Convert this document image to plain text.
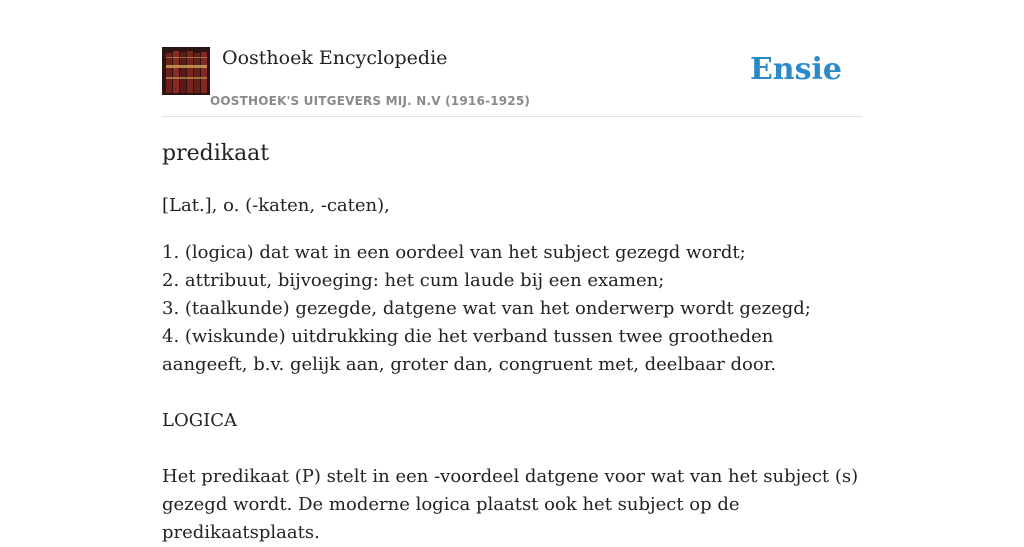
Oosthoek Encyclopedie
OOSTHOEK'S UITGEVERS MIJ. N.V (1916-1925)
Ensie
predikaat

[Lat.], o. (-katen, -caten),

1. (logica) dat wat in een oordeel van het subject gezegd wordt;
2. attribuut, bijvoeging: het cum laude bij een examen;
3. (taalkunde) gezegde, datgene wat van het onderwerp wordt gezegd;
4. (wiskunde) uitdrukking die het verband tussen twee grootheden aangeeft, b.v. gelijk aan, groter dan, congruent met, deelbaar door.

LOGICA

Het predikaat (P) stelt in een -voordeel datgene voor wat van het subject (s) gezegd wordt. De moderne logica plaatst ook het subject op de predikaatsplaats.
